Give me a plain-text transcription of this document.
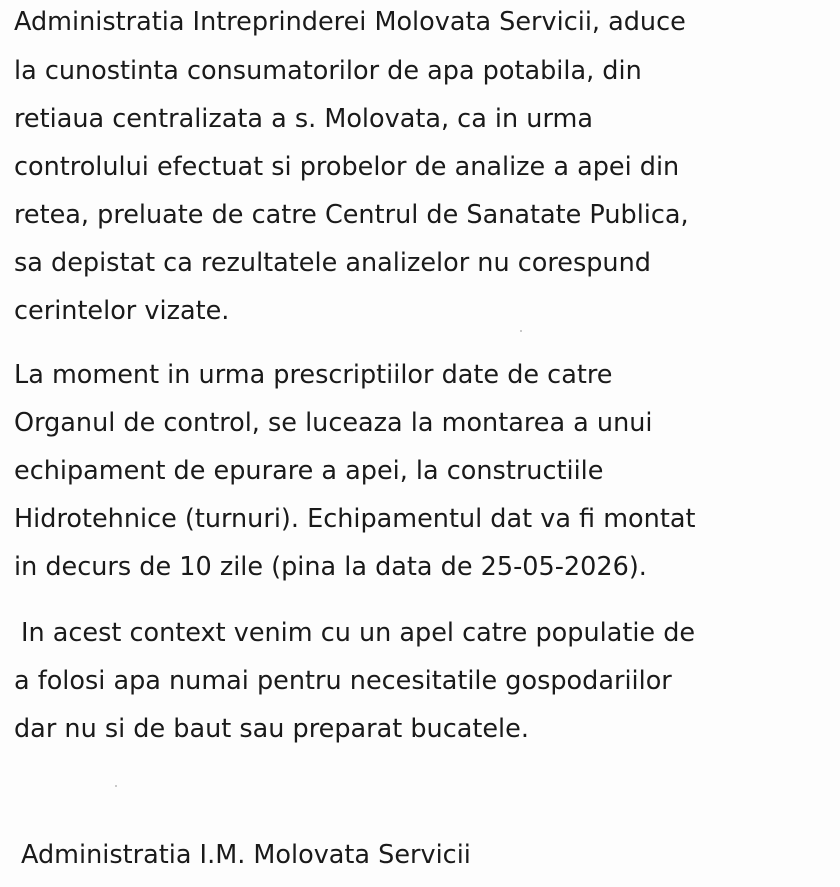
Administratia Intreprinderei Molovata Servicii, aduce
la cunostinta consumatorilor de apa potabila, din
retiaua centralizata a s. Molovata, ca in urma
controlului efectuat si probelor de analize a apei din
retea, preluate de catre Centrul de Sanatate Publica,
sa depistat ca rezultatele analizelor nu corespund
cerintelor vizate.
La moment in urma prescriptiilor date de catre
Organul de control, se luceaza la montarea a unui
echipament de epurare a apei, la constructiile
Hidrotehnice (turnuri). Echipamentul dat va fi montat
in decurs de 10 zile (pina la data de 25-05-2026).
In acest context venim cu un apel catre populatie de
a folosi apa numai pentru necesitatile gospodariilor
dar nu si de baut sau preparat bucatele.
Administratia I.M. Molovata Servicii
